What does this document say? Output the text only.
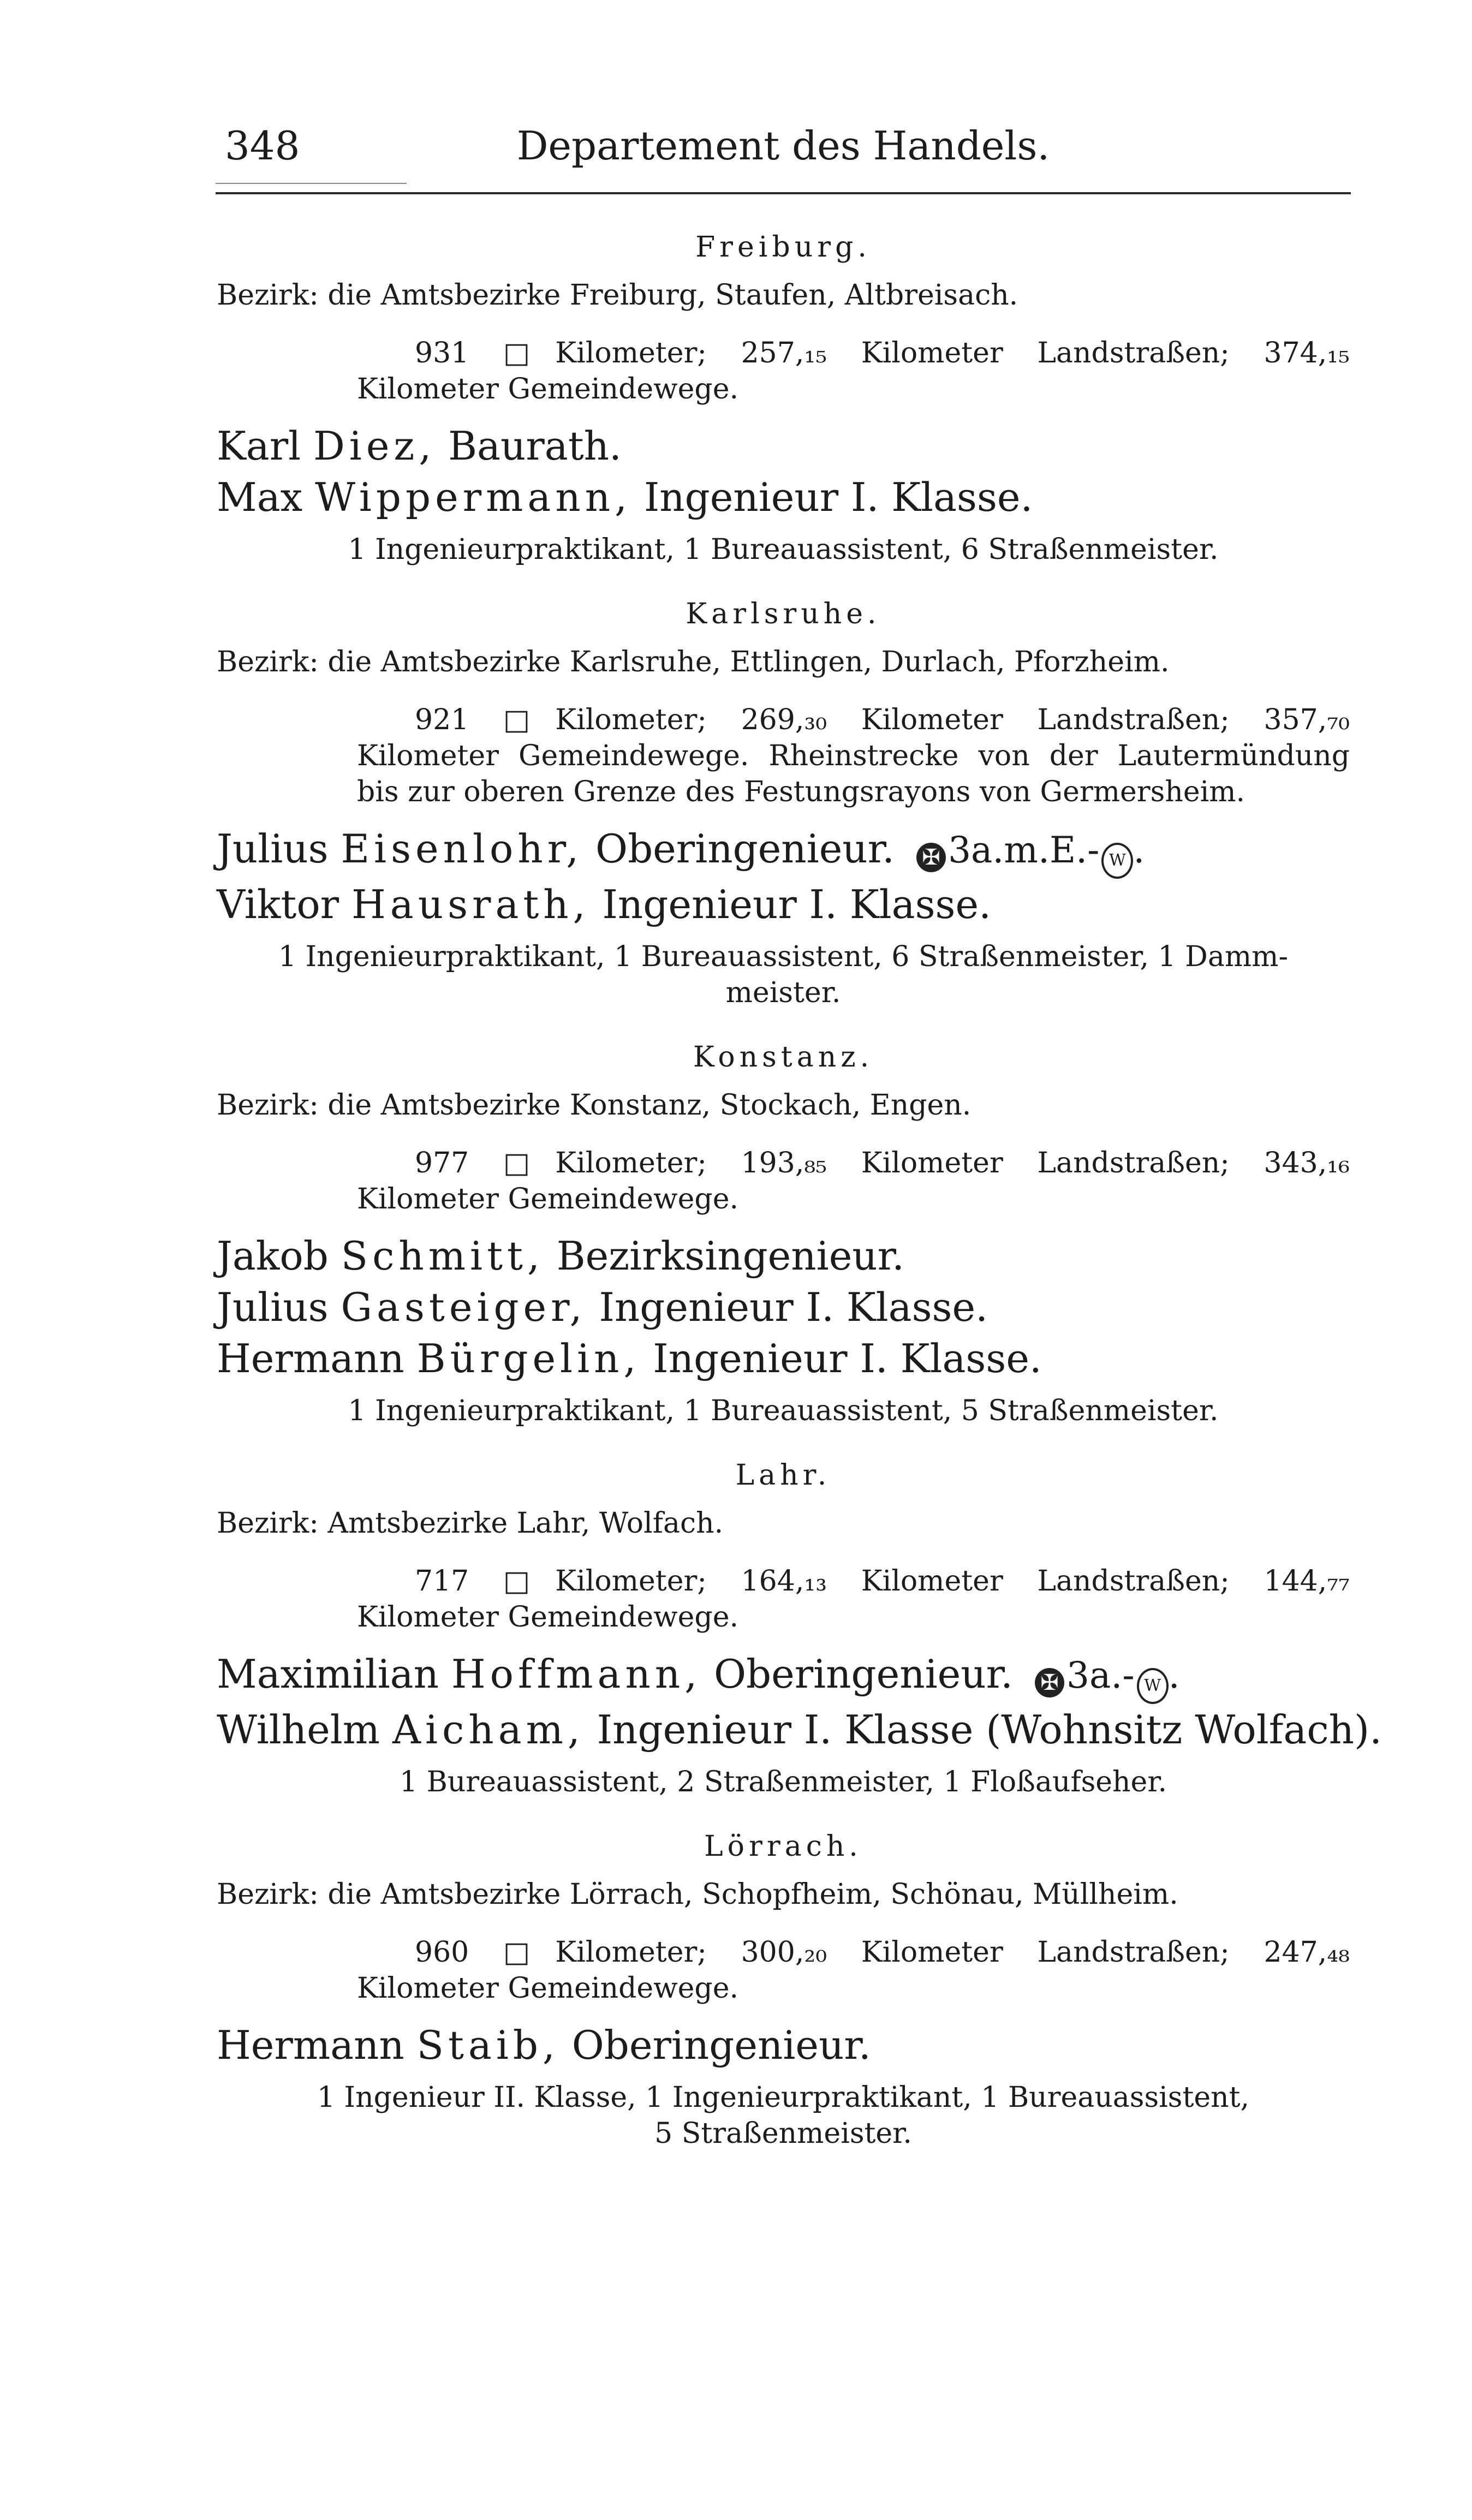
348	Departement des Handels.
Freiburg.
Bezirk: die Amtsbezirke Freiburg, Staufen, Altbreisach.
931 □Kilometer; 257,₁₅ Kilometer Landstraßen; 374,₁₅
Kilometer Gemeindewege.
Karl Diez, Baurath.
Max Wippermann, Ingenieur I. Klasse.
1 Ingenieurpraktikant, 1 Bureauassistent, 6 Straßenmeister.
Karlsruhe.
Bezirk: die Amtsbezirke Karlsruhe, Ettlingen, Durlach, Pforzheim.
921 □Kilometer; 269,₃₀ Kilometer Landstraßen; 357,₇₀
Kilometer Gemeindewege. Rheinstrecke von der Lautermündung
bis zur oberen Grenze des Festungsrayons von Germersheim.
Julius Eisenlohr, Oberingenieur. ✠ 3a.m.E.- W .
Viktor Hausrath, Ingenieur I. Klasse.
1 Ingenieurpraktikant, 1 Bureauassistent, 6 Straßenmeister, 1 Damm-
meister.
Konstanz.
Bezirk: die Amtsbezirke Konstanz, Stockach, Engen.
977 □Kilometer; 193,₈₅ Kilometer Landstraßen; 343,₁₆
Kilometer Gemeindewege.
Jakob Schmitt, Bezirksingenieur.
Julius Gasteiger, Ingenieur I. Klasse.
Hermann Bürgelin, Ingenieur I. Klasse.
1 Ingenieurpraktikant, 1 Bureauassistent, 5 Straßenmeister.
Lahr.
Bezirk: Amtsbezirke Lahr, Wolfach.
717 □Kilometer; 164,₁₃ Kilometer Landstraßen; 144,₇₇
Kilometer Gemeindewege.
Maximilian Hoffmann, Oberingenieur. ✠ 3a.- W .
Wilhelm Aicham, Ingenieur I. Klasse (Wohnsitz Wolfach).
1 Bureauassistent, 2 Straßenmeister, 1 Floßaufseher.
Lörrach.
Bezirk: die Amtsbezirke Lörrach, Schopfheim, Schönau, Müllheim.
960 □Kilometer; 300,₂₀ Kilometer Landstraßen; 247,₄₈
Kilometer Gemeindewege.
Hermann Staib, Oberingenieur.
1 Ingenieur II. Klasse, 1 Ingenieurpraktikant, 1 Bureauassistent,
5 Straßenmeister.
